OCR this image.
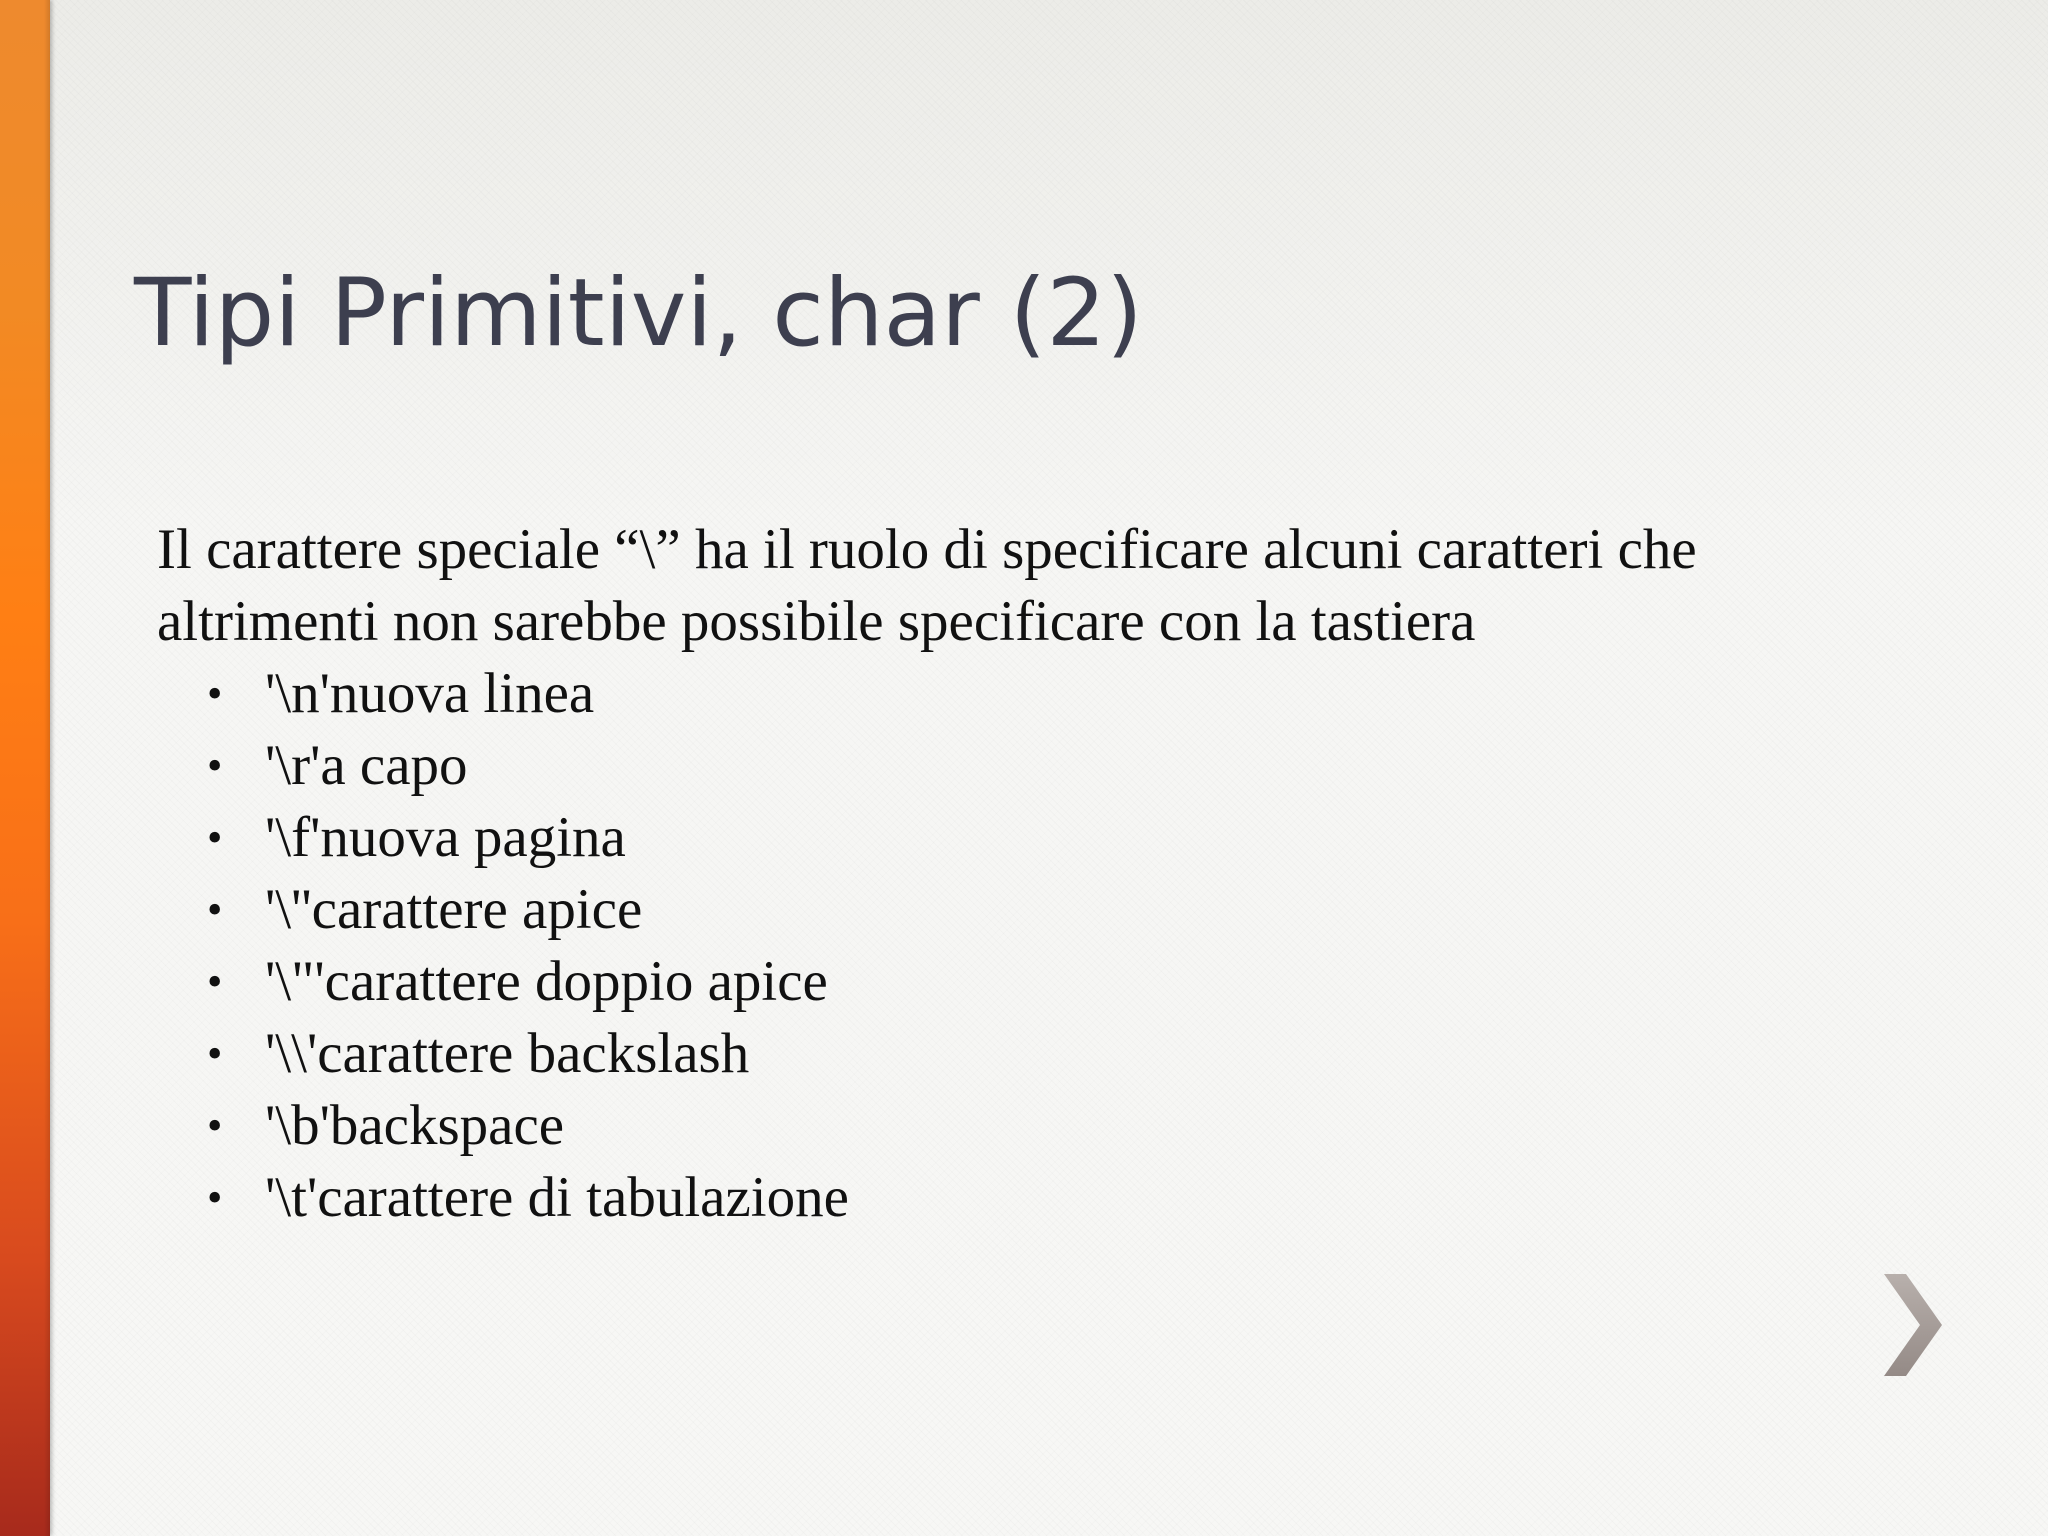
Tipi Primitivi, char (2)

Il carattere speciale “\” ha il ruolo di specificare alcuni caratteri che altrimenti non sarebbe possibile specificare con la tastiera

• '\n'nuova linea
• '\r'a capo
• '\f'nuova pagina
• '\''carattere apice
• '\"'carattere doppio apice
• '\\'carattere backslash
• '\b'backspace
• '\t'carattere di tabulazione
